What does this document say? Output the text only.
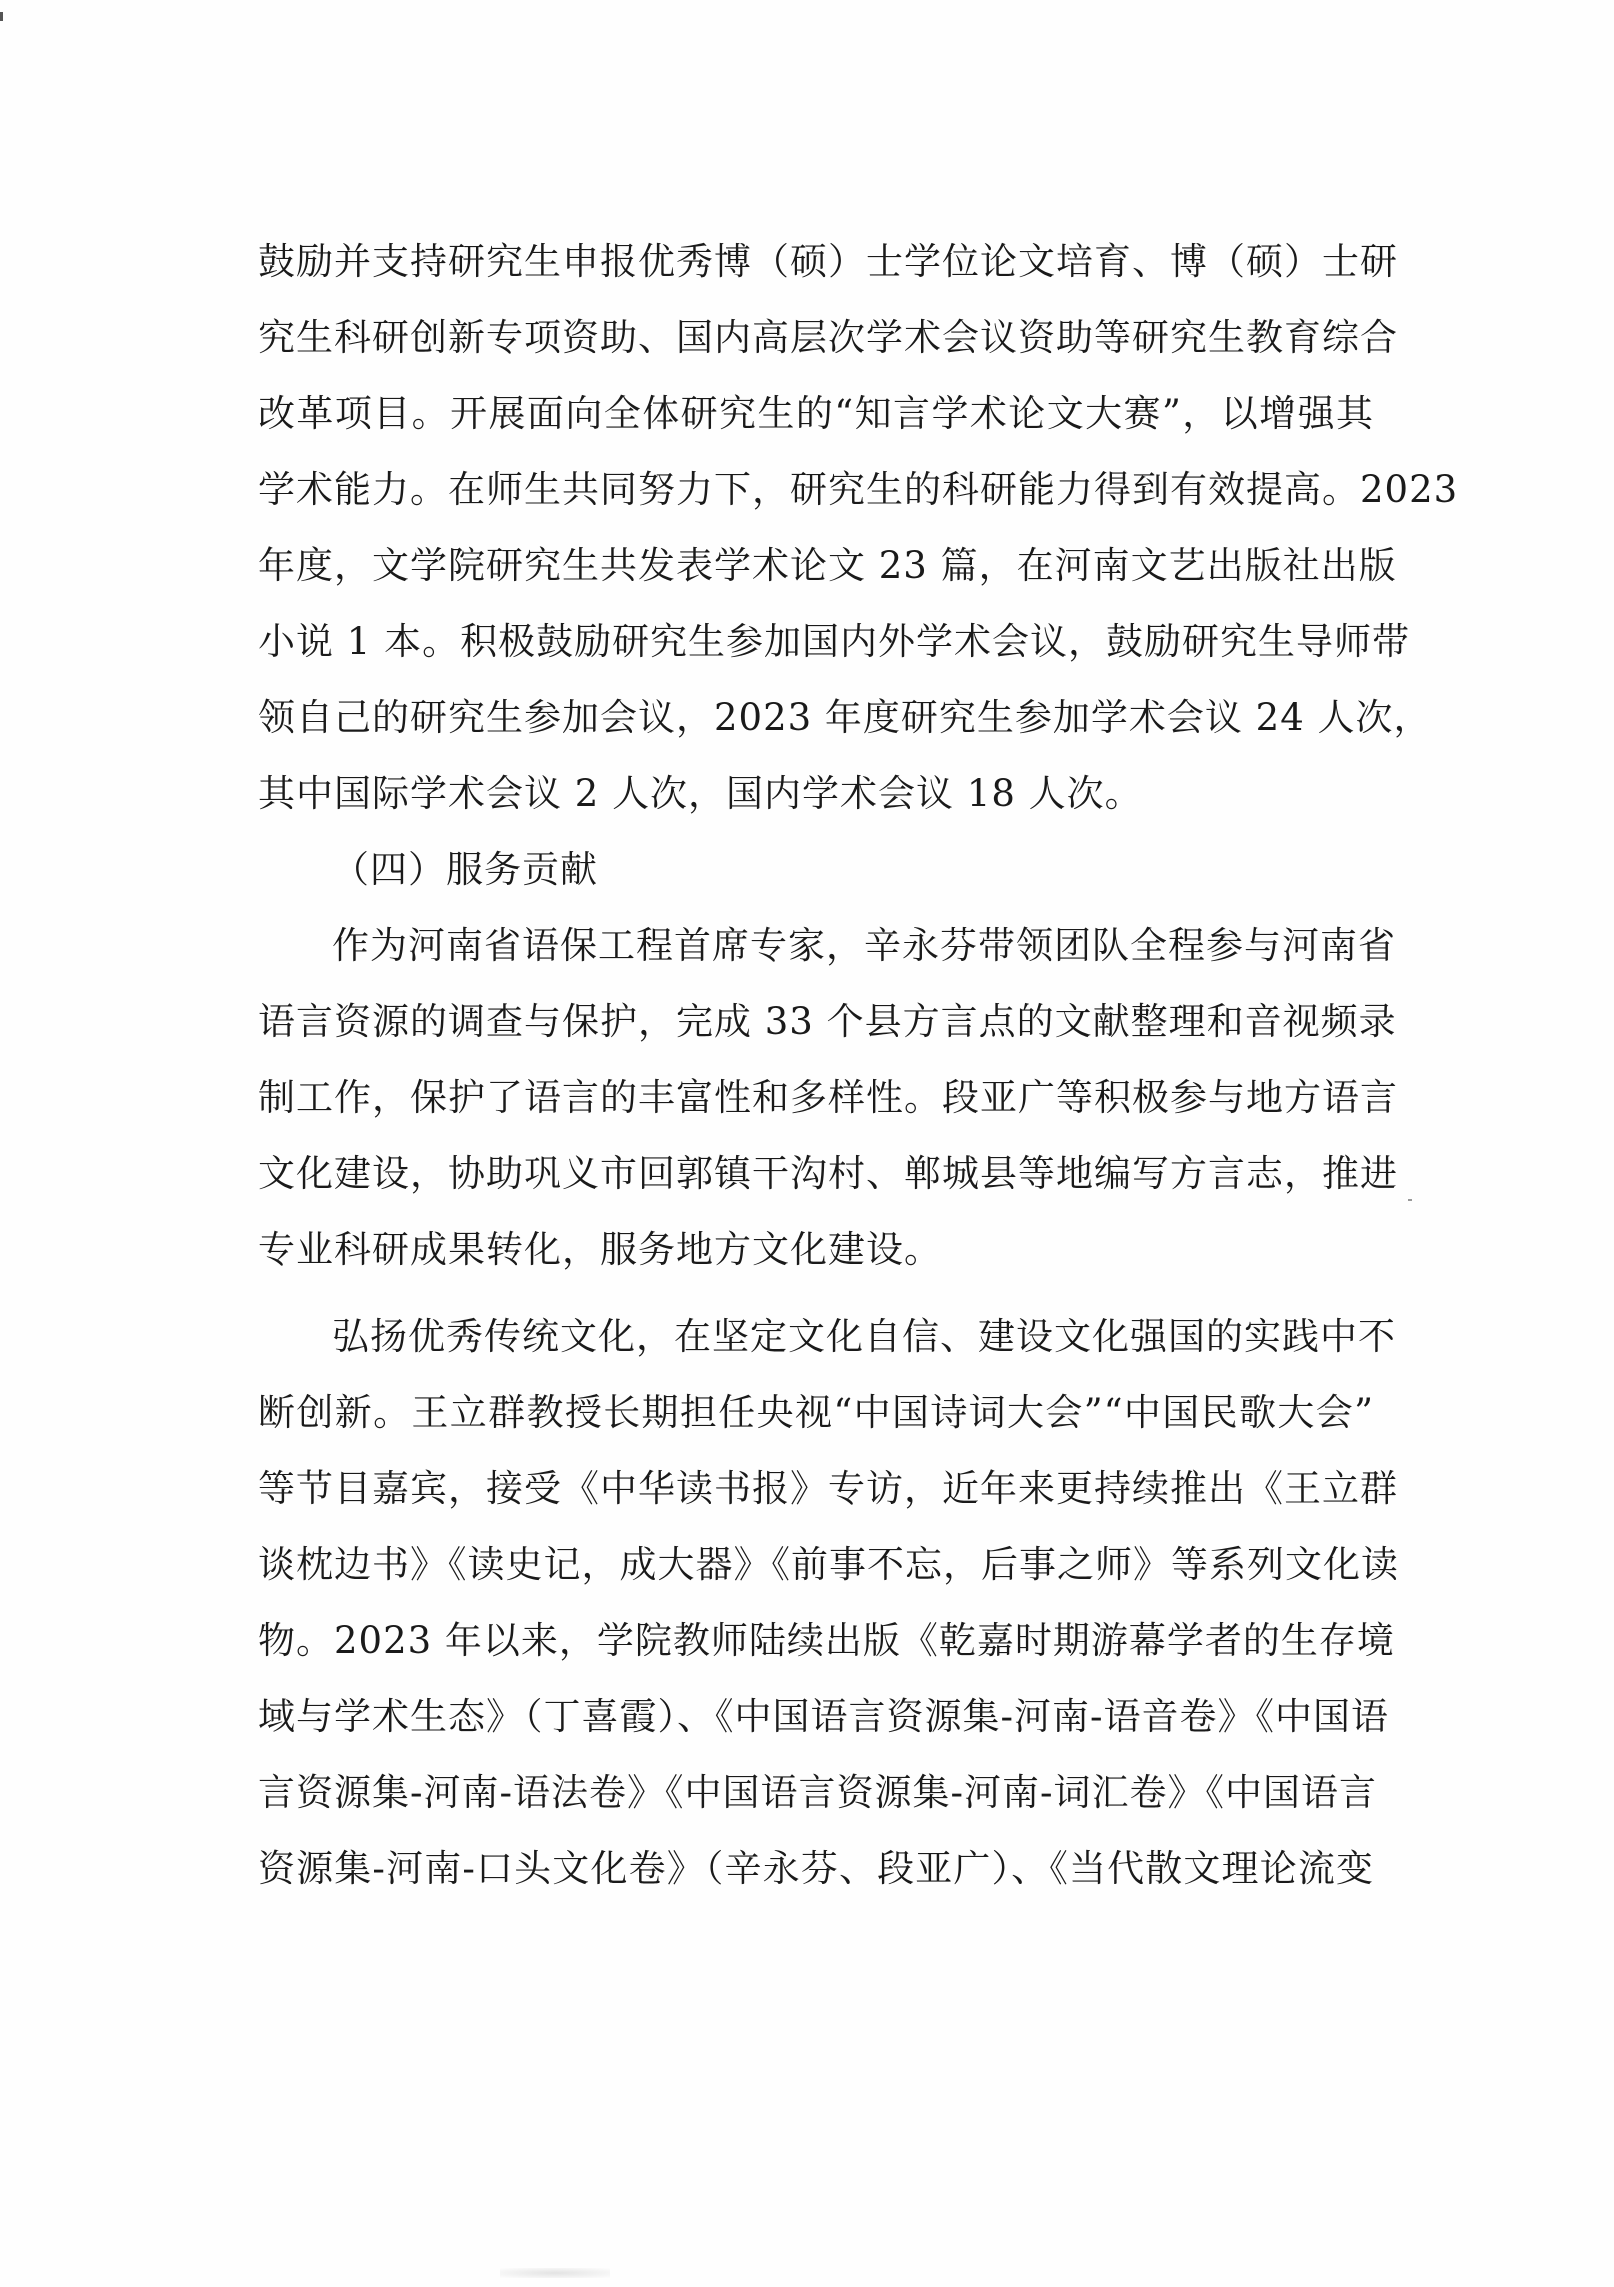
鼓励并支持研究生申报优秀博（硕）士学位论文培育、博（硕）士研
究生科研创新专项资助、国内高层次学术会议资助等研究生教育综合
改革项目。开展面向全体研究生的“知言学术论文大赛”，以增强其
学术能力。在师生共同努力下，研究生的科研能力得到有效提高。2023
年度，文学院研究生共发表学术论文 23 篇，在河南文艺出版社出版
小说 1 本。积极鼓励研究生参加国内外学术会议，鼓励研究生导师带
领自己的研究生参加会议，2023 年度研究生参加学术会议 24 人次，
其中国际学术会议 2 人次，国内学术会议 18 人次。
（四）服务贡献
作为河南省语保工程首席专家，辛永芬带领团队全程参与河南省
语言资源的调查与保护，完成 33 个县方言点的文献整理和音视频录
制工作，保护了语言的丰富性和多样性。段亚广等积极参与地方语言
文化建设，协助巩义市回郭镇干沟村、郸城县等地编写方言志，推进
专业科研成果转化，服务地方文化建设。
弘扬优秀传统文化，在坚定文化自信、建设文化强国的实践中不
断创新。王立群教授长期担任央视“中国诗词大会”“中国民歌大会”
等节目嘉宾，接受《中华读书报》专访，近年来更持续推出《王立群
谈枕边书》《读史记，成大器》《前事不忘，后事之师》等系列文化读
物。2023 年以来，学院教师陆续出版《乾嘉时期游幕学者的生存境
域与学术生态》（丁喜霞）、《中国语言资源集-河南-语音卷》《中国语
言资源集-河南-语法卷》《中国语言资源集-河南-词汇卷》《中国语言
资源集-河南-口头文化卷》（辛永芬、段亚广）、《当代散文理论流变
